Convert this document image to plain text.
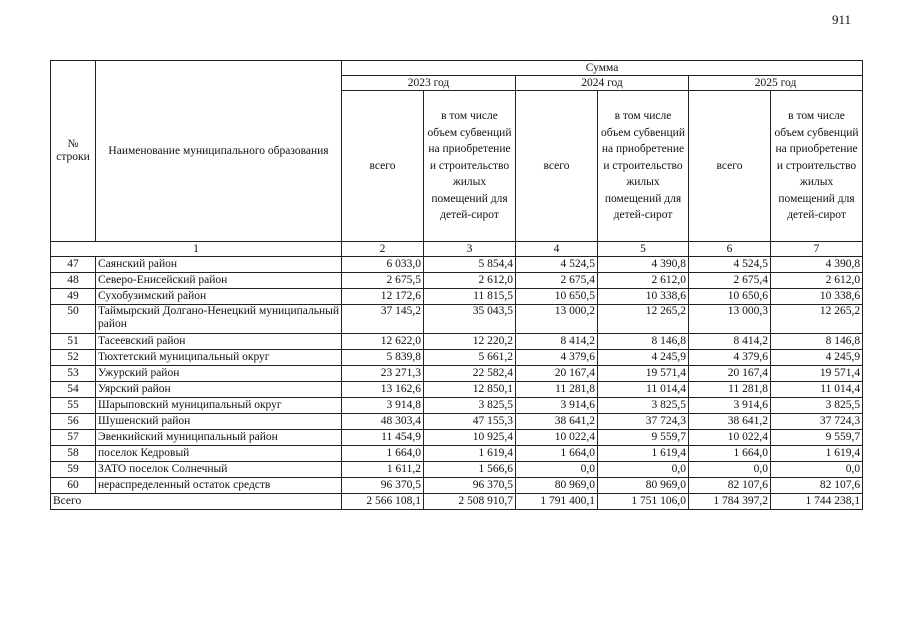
911
№ строки	Наименование муниципального образования	Сумма					
		2023 год		2024 год		2025 год	
		всего	в том числе объем субвенций на приобретение и строительство жилых помещений для детей-сирот	всего	в том числе объем субвенций на приобретение и строительство жилых помещений для детей-сирот	всего	в том числе объем субвенций на приобретение и строительство жилых помещений для детей-сирот
1		2	3	4	5	6	7
47	Саянский район	6 033,0	5 854,4	4 524,5	4 390,8	4 524,5	4 390,8
48	Северо-Енисейский район	2 675,5	2 612,0	2 675,4	2 612,0	2 675,4	2 612,0
49	Сухобузимский район	12 172,6	11 815,5	10 650,5	10 338,6	10 650,6	10 338,6
50	Таймырский Долгано-Ненецкий муниципальный район	37 145,2	35 043,5	13 000,2	12 265,2	13 000,3	12 265,2
51	Тасеевский район	12 622,0	12 220,2	8 414,2	8 146,8	8 414,2	8 146,8
52	Тюхтетский муниципальный округ	5 839,8	5 661,2	4 379,6	4 245,9	4 379,6	4 245,9
53	Ужурский район	23 271,3	22 582,4	20 167,4	19 571,4	20 167,4	19 571,4
54	Уярский район	13 162,6	12 850,1	11 281,8	11 014,4	11 281,8	11 014,4
55	Шарыповский муниципальный округ	3 914,8	3 825,5	3 914,6	3 825,5	3 914,6	3 825,5
56	Шушенский район	48 303,4	47 155,3	38 641,2	37 724,3	38 641,2	37 724,3
57	Эвенкийский муниципальный район	11 454,9	10 925,4	10 022,4	9 559,7	10 022,4	9 559,7
58	поселок Кедровый	1 664,0	1 619,4	1 664,0	1 619,4	1 664,0	1 619,4
59	ЗАТО поселок Солнечный	1 611,2	1 566,6	0,0	0,0	0,0	0,0
60	нераспределенный остаток средств	96 370,5	96 370,5	80 969,0	80 969,0	82 107,6	82 107,6
Всего		2 566 108,1	2 508 910,7	1 791 400,1	1 751 106,0	1 784 397,2	1 744 238,1
